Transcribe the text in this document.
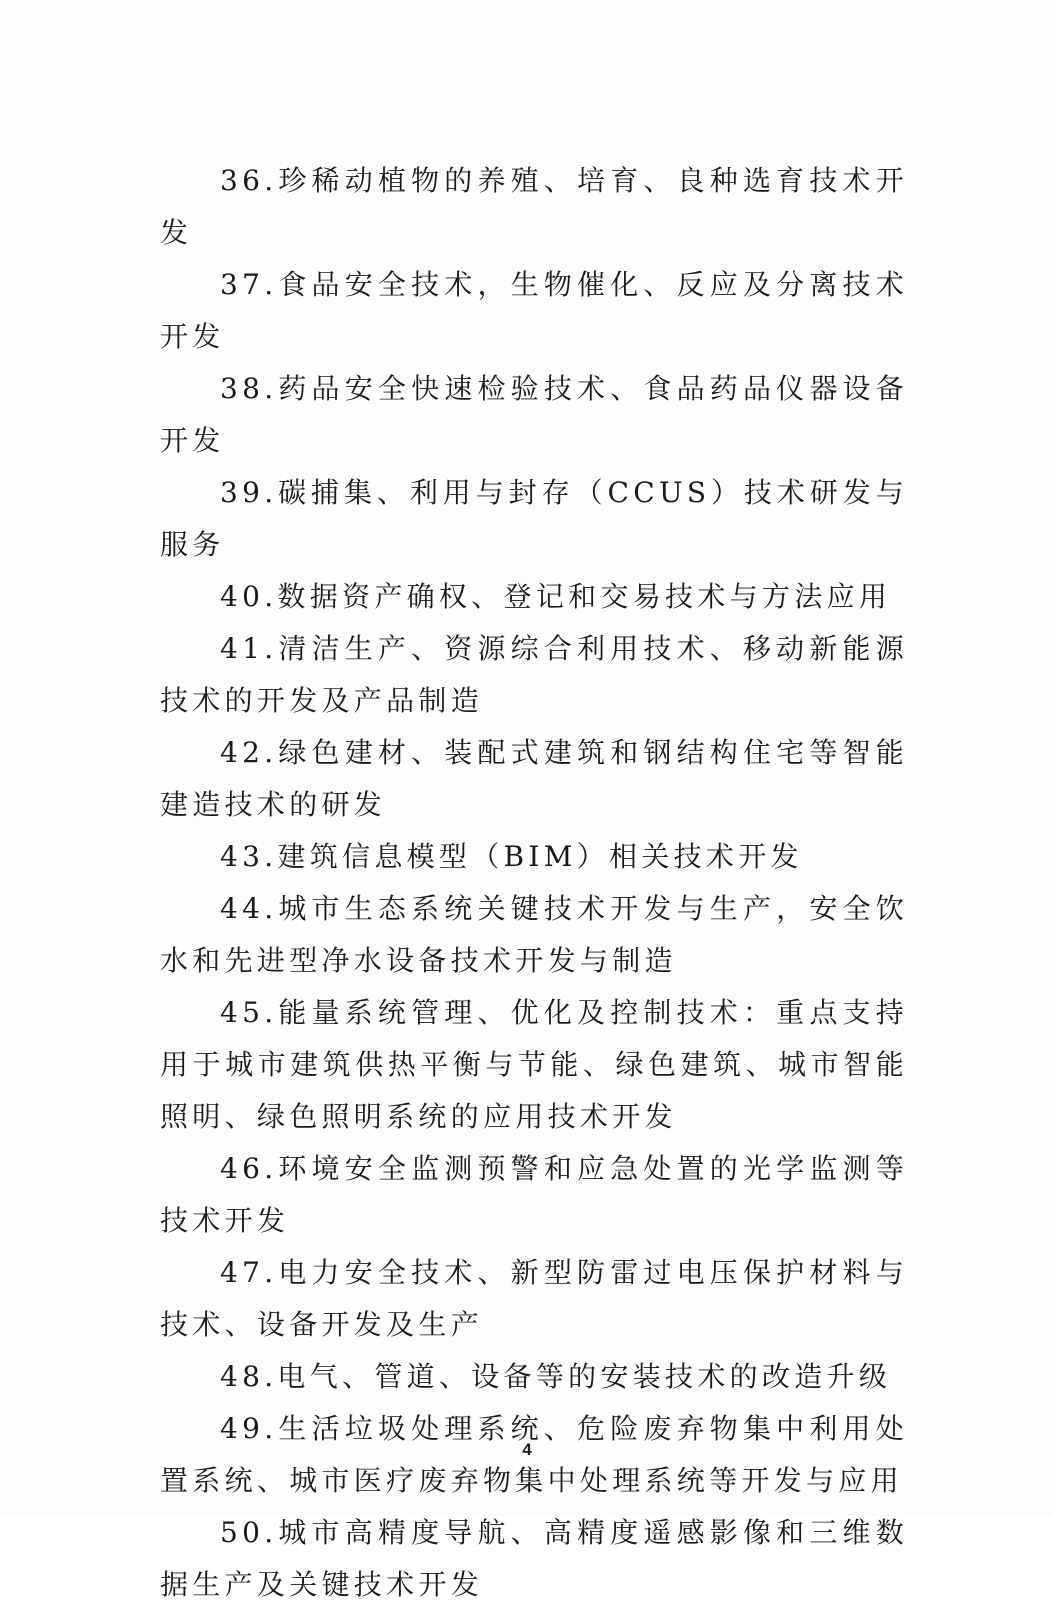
36.珍稀动植物的养殖、培育、良种选育技术开发

37.食品安全技术，生物催化、反应及分离技术开发

38.药品安全快速检验技术、食品药品仪器设备开发

39.碳捕集、利用与封存（CCUS）技术研发与服务

40.数据资产确权、登记和交易技术与方法应用

41.清洁生产、资源综合利用技术、移动新能源技术的开发及产品制造

42.绿色建材、装配式建筑和钢结构住宅等智能建造技术的研发

43.建筑信息模型（BIM）相关技术开发

44.城市生态系统关键技术开发与生产，安全饮水和先进型净水设备技术开发与制造

45.能量系统管理、优化及控制技术：重点支持用于城市建筑供热平衡与节能、绿色建筑、城市智能照明、绿色照明系统的应用技术开发

46.环境安全监测预警和应急处置的光学监测等技术开发

47.电力安全技术、新型防雷过电压保护材料与技术、设备开发及生产

48.电气、管道、设备等的安装技术的改造升级

49.生活垃圾处理系统、危险废弃物集中利用处置系统、城市医疗废弃物集中处理系统等开发与应用

50.城市高精度导航、高精度遥感影像和三维数据生产及关键技术开发

4
